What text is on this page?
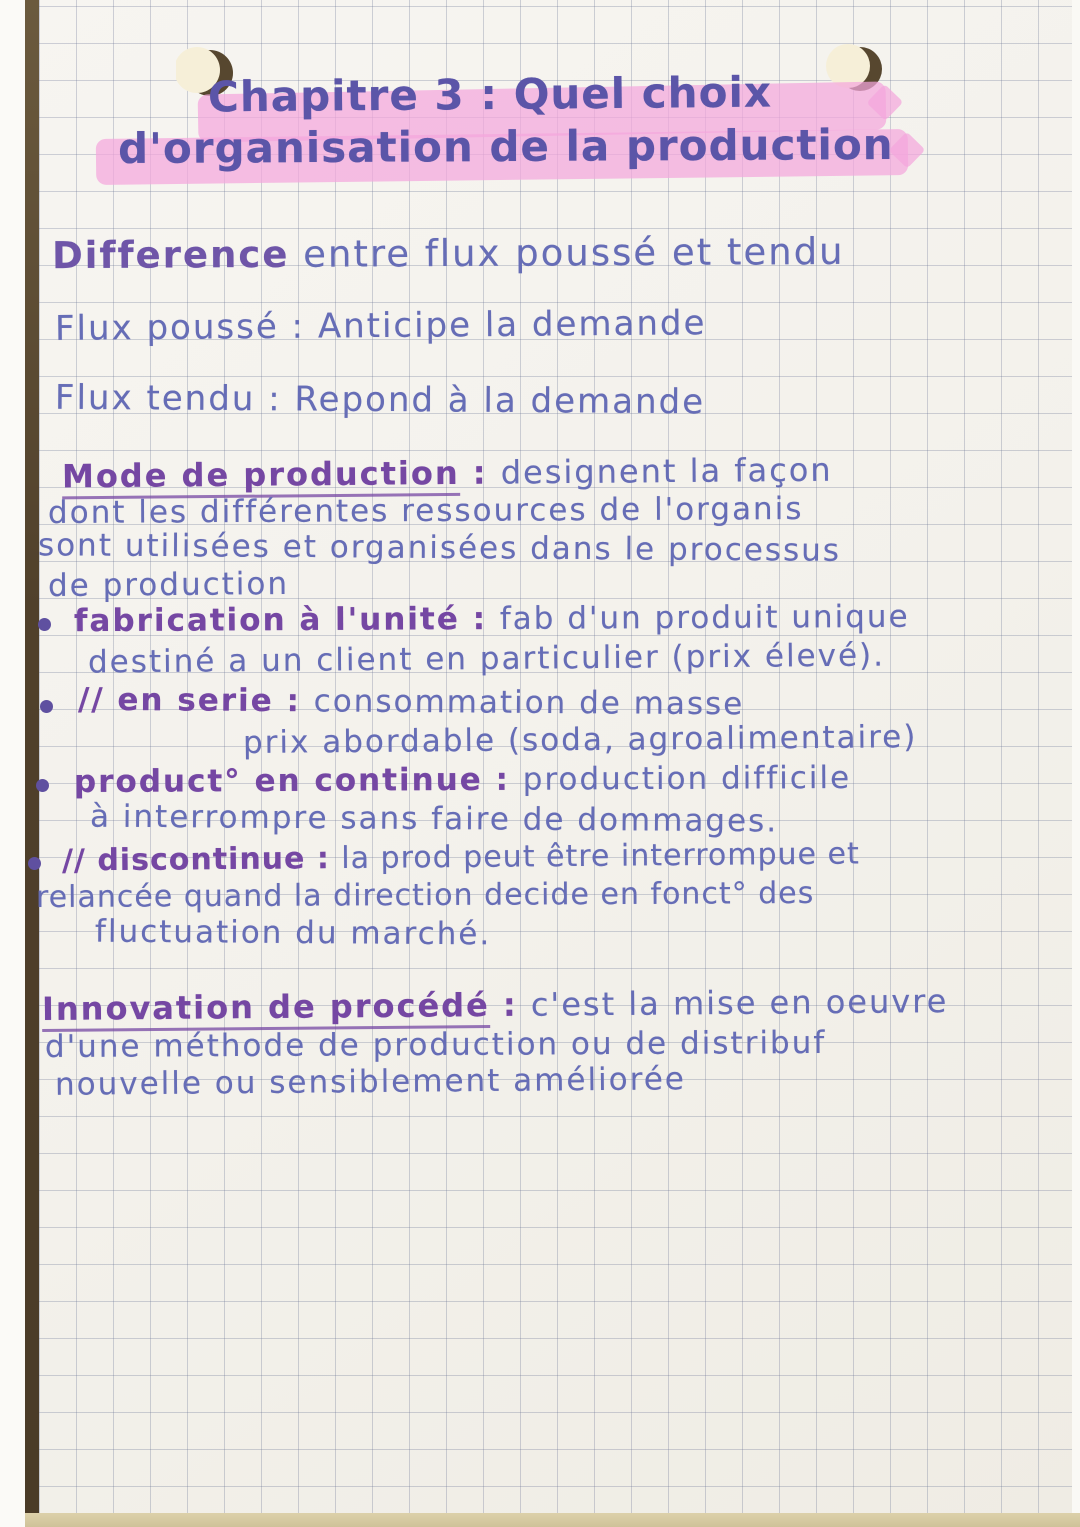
Chapitre 3 : Quel choix
d'organisation de la production
Difference entre flux poussé et tendu
Flux poussé : Anticipe la demande
Flux tendu : Repond à la demande
Mode de production : designent la façon
dont les différentes ressources de l'organis
sont utilisées et organisées dans le processus
de production
fabrication à l'unité : fab d'un produit unique
destiné a un client en particulier (prix élevé).
// en serie : consommation de masse
prix abordable (soda, agroalimentaire)
product° en continue : production difficile
à interrompre sans faire de dommages.
// discontinue : la prod peut être interrompue et
relancée quand la direction decide en fonct° des
fluctuation du marché.
Innovation de procédé : c'est la mise en oeuvre
d'une méthode de production ou de distribuf
nouvelle ou sensiblement améliorée
